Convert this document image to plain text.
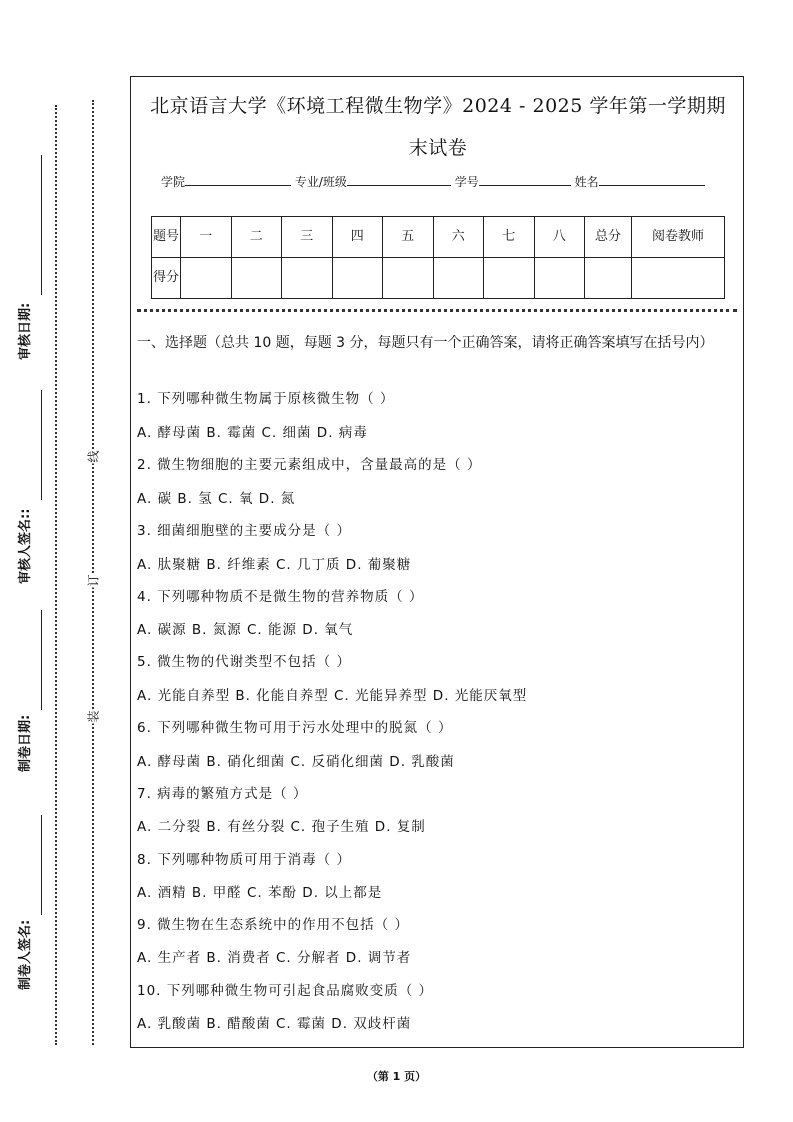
审核日期:
审核人签名::
制卷日期:
制卷人签名:
线
订
装
北京语言大学《环境工程微生物学》2024 - 2025 学年第一学期期
末试卷
学院	专业/班级	学号	姓名
题号	一	二	三	四	五	六	七	八	总分	阅卷教师
得分										
一、选择题（总共 10 题，每题 3 分，每题只有一个正确答案，请将正确答案填写在括号内）
1. 下列哪种微生物属于原核微生物（ ）
A. 酵母菌 B. 霉菌 C. 细菌 D. 病毒
2. 微生物细胞的主要元素组成中，含量最高的是（ ）
A. 碳 B. 氢 C. 氧 D. 氮
3. 细菌细胞壁的主要成分是（ ）
A. 肽聚糖 B. 纤维素 C. 几丁质 D. 葡聚糖
4. 下列哪种物质不是微生物的营养物质（ ）
A. 碳源 B. 氮源 C. 能源 D. 氧气
5. 微生物的代谢类型不包括（ ）
A. 光能自养型 B. 化能自养型 C. 光能异养型 D. 光能厌氧型
6. 下列哪种微生物可用于污水处理中的脱氮（ ）
A. 酵母菌 B. 硝化细菌 C. 反硝化细菌 D. 乳酸菌
7. 病毒的繁殖方式是（ ）
A. 二分裂 B. 有丝分裂 C. 孢子生殖 D. 复制
8. 下列哪种物质可用于消毒（ ）
A. 酒精 B. 甲醛 C. 苯酚 D. 以上都是
9. 微生物在生态系统中的作用不包括（ ）
A. 生产者 B. 消费者 C. 分解者 D. 调节者
10. 下列哪种微生物可引起食品腐败变质（ ）
A. 乳酸菌 B. 醋酸菌 C. 霉菌 D. 双歧杆菌
（第 1 页）
